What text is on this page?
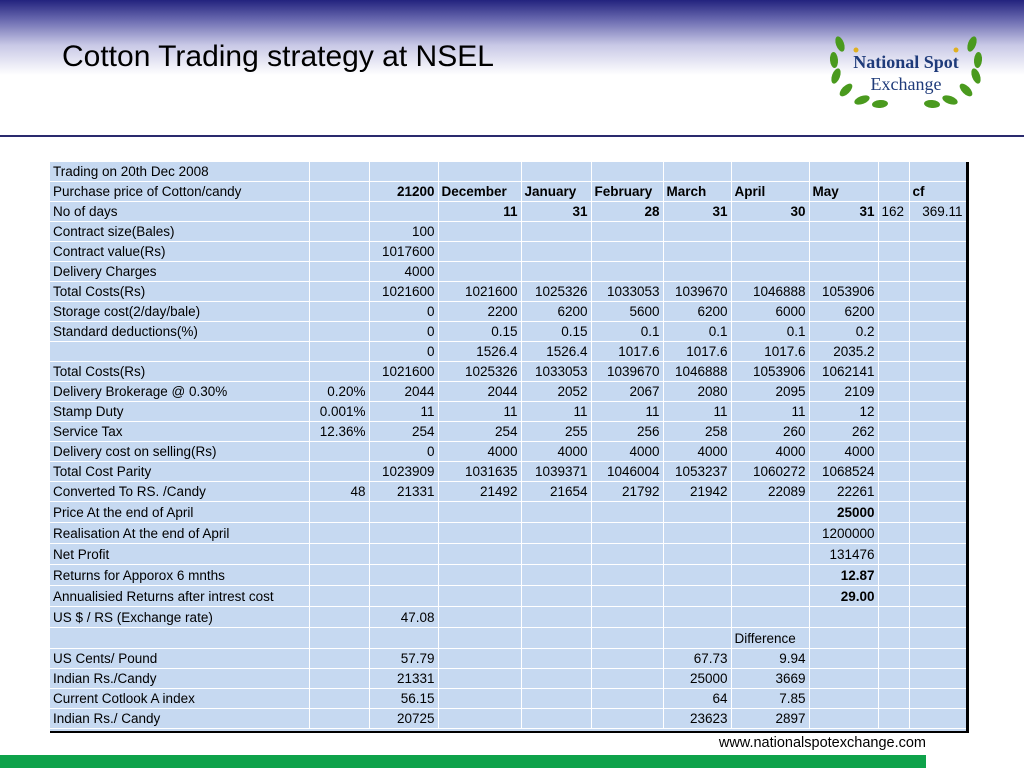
Cotton Trading strategy at NSEL	National Spot
Exchange
Trading on 20th Dec 2008										
Purchase price of Cotton/candy		21200	December	January	February	March	April	May		cf
No of days			11	31	28	31	30	31	162	369.11
Contract size(Bales)		100								
Contract value(Rs)		1017600								
Delivery Charges		4000								
Total Costs(Rs)		1021600	1021600	1025326	1033053	1039670	1046888	1053906		
Storage cost(2/day/bale)		0	2200	6200	5600	6200	6000	6200		
Standard deductions(%)		0	0.15	0.15	0.1	0.1	0.1	0.2		
		0	1526.4	1526.4	1017.6	1017.6	1017.6	2035.2		
Total Costs(Rs)		1021600	1025326	1033053	1039670	1046888	1053906	1062141		
Delivery Brokerage @ 0.30%	0.20%	2044	2044	2052	2067	2080	2095	2109		
Stamp Duty	0.001%	11	11	11	11	11	11	12		
Service Tax	12.36%	254	254	255	256	258	260	262		
Delivery cost on selling(Rs)		0	4000	4000	4000	4000	4000	4000		
Total Cost Parity		1023909	1031635	1039371	1046004	1053237	1060272	1068524		
Converted To RS. /Candy	48	21331	21492	21654	21792	21942	22089	22261		
Price At the end of April								25000		
Realisation At the end of April								1200000		
Net Profit								131476		
Returns for Apporox 6 mnths								12.87		
Annualisied Returns after intrest cost								29.00		
US $ / RS (Exchange rate)		47.08								
							Difference			
US Cents/ Pound		57.79				67.73	9.94			
Indian Rs./Candy		21331				25000	3669			
Current Cotlook A index		56.15				64	7.85			
Indian Rs./ Candy		20725				23623	2897			
www.nationalspotexchange.com
